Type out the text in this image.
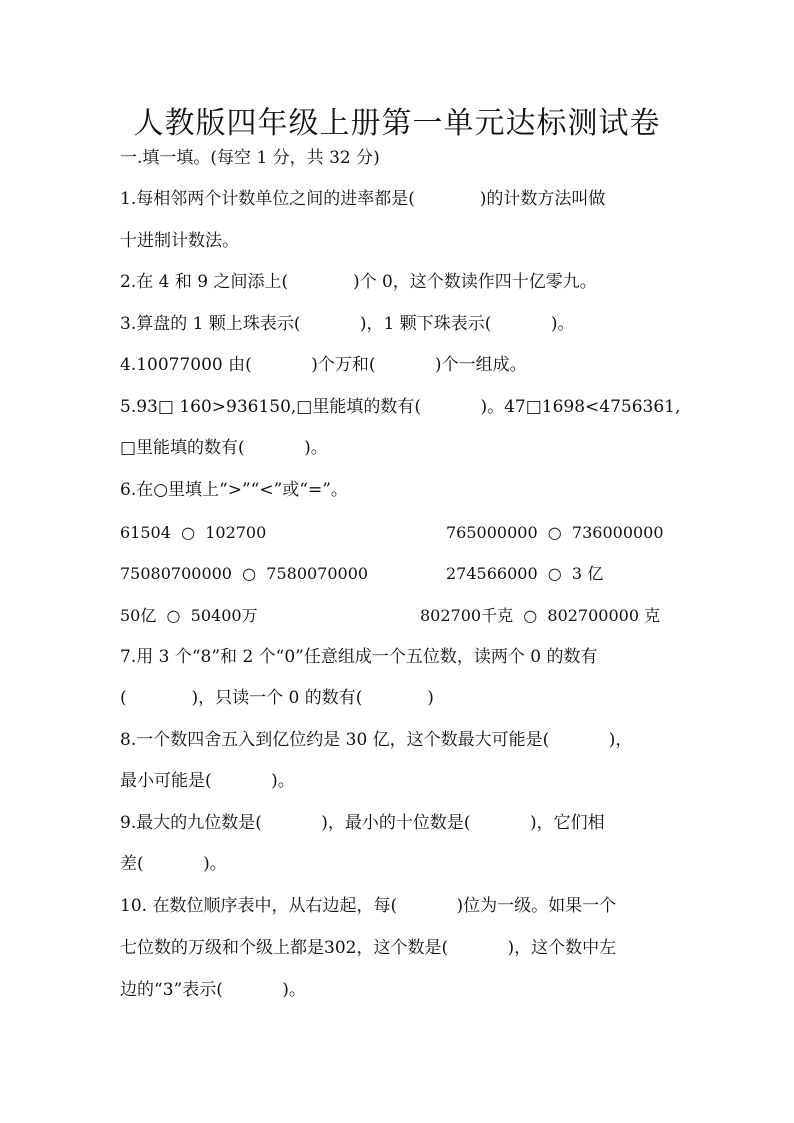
人教版四年级上册第一单元达标测试卷
一.填一填。(每空 1 分，共 32 分)
1.每相邻两个计数单位之间的进率都是(            )的计数方法叫做
十进制计数法。
2.在 4 和 9 之间添上(            )个 0，这个数读作四十亿零九。
3.算盘的 1 颗上珠表示(           )，1 颗下珠表示(           )。
4.10077000 由(           )个万和(           )个一组成。
5.93□ 160>936150,□里能填的数有(           )。47□1698<4756361,
□里能填的数有(           )。
6.在○里填上“>”“<”或“=”。
61504  ○  102700	765000000  ○  736000000
75080700000  ○  7580070000	274566000  ○  3 亿
50亿  ○  50400万	802700千克  ○  802700000 克
7.用 3 个“8”和 2 个“0”任意组成一个五位数，读两个 0 的数有
(            )，只读一个 0 的数有(            )
8.一个数四舍五入到亿位约是 30 亿，这个数最大可能是(           )，
最小可能是(           )。
9.最大的九位数是(           )，最小的十位数是(           )，它们相
差(           )。
10. 在数位顺序表中，从右边起，每(           )位为一级。如果一个
七位数的万级和个级上都是302，这个数是(           )，这个数中左
边的“3”表示(           )。
